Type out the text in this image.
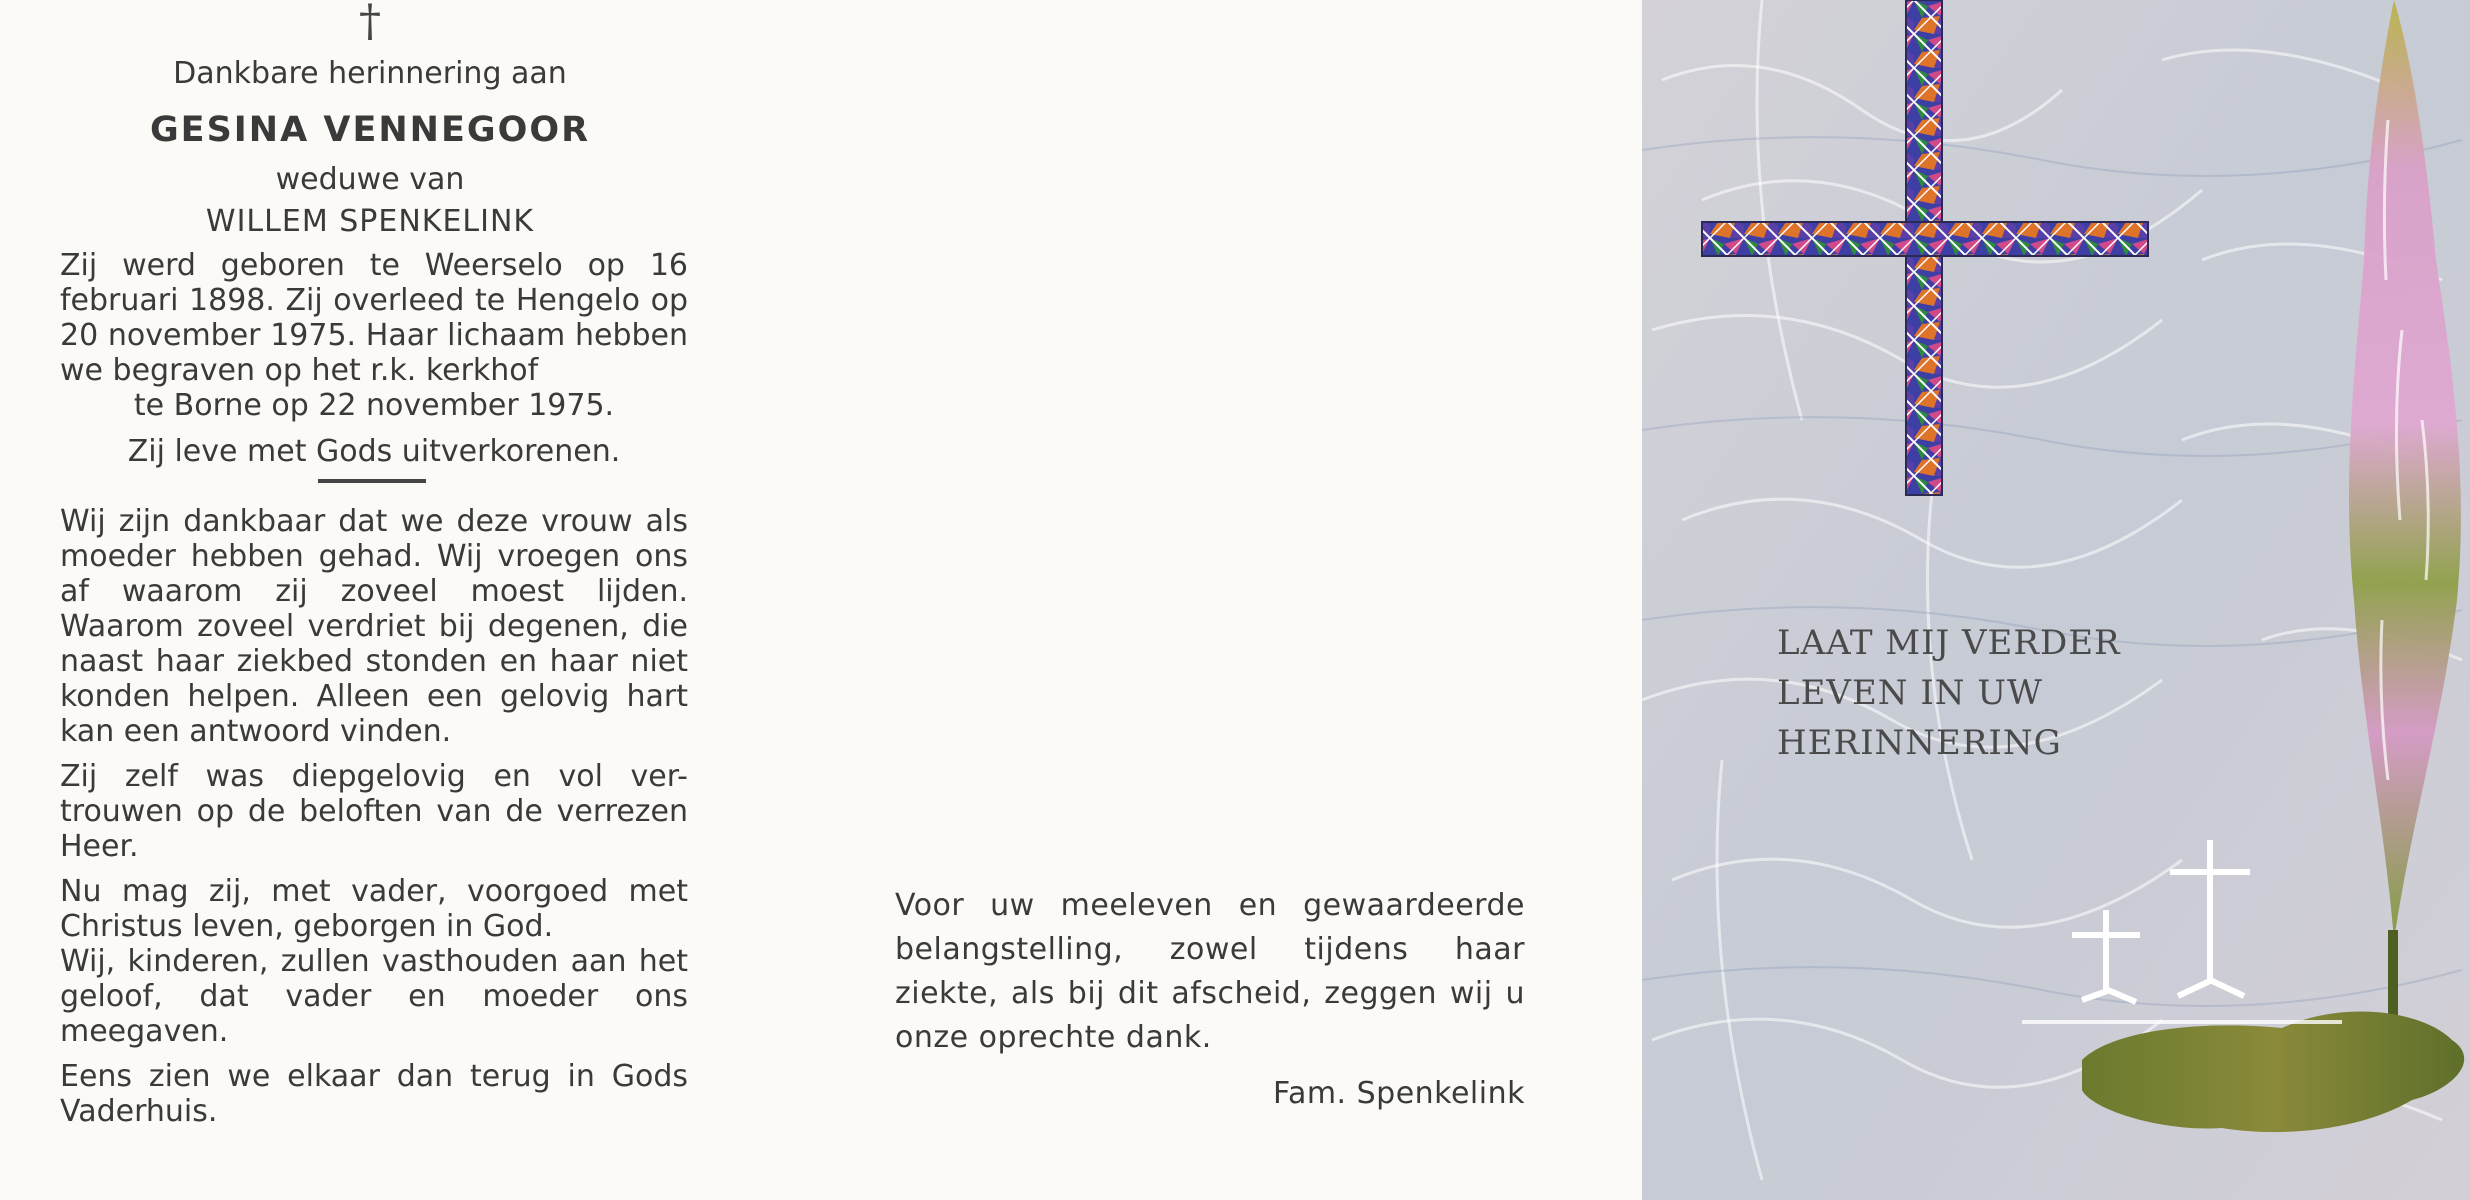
†
Dankbare herinnering aan
GESINA VENNEGOOR
weduwe van
WILLEM SPENKELINK
Zij werd geboren te Weerselo op 16 februari 1898. Zij overleed te Hengelo op 20 november 1975. Haar lichaam hebben we begraven op het r.k. kerkhof
te Borne op 22 november 1975.
Zij leve met Gods uitverkorenen.

Wij zijn dankbaar dat we deze vrouw als moeder hebben gehad. Wij vroegen ons af waarom zij zoveel moest lijden. Waarom zoveel verdriet bij degenen, die naast haar ziekbed stonden en haar niet konden helpen. Alleen een gelovig hart kan een antwoord vinden.

Zij zelf was diepgelovig en vol ver-trouwen op de beloften van de verrezen Heer.

Nu mag zij, met vader, voorgoed met Christus leven, geborgen in God.

Wij, kinderen, zullen vasthouden aan het geloof, dat vader en moeder ons meegaven.

Eens zien we elkaar dan terug in Gods Vaderhuis.

Voor uw meeleven en gewaardeerde belangstelling, zowel tijdens haar ziekte, als bij dit afscheid, zeggen wij u onze oprechte dank.
Fam. Spenkelink
LAAT MIJ VERDER
LEVEN IN UW
HERINNERING
